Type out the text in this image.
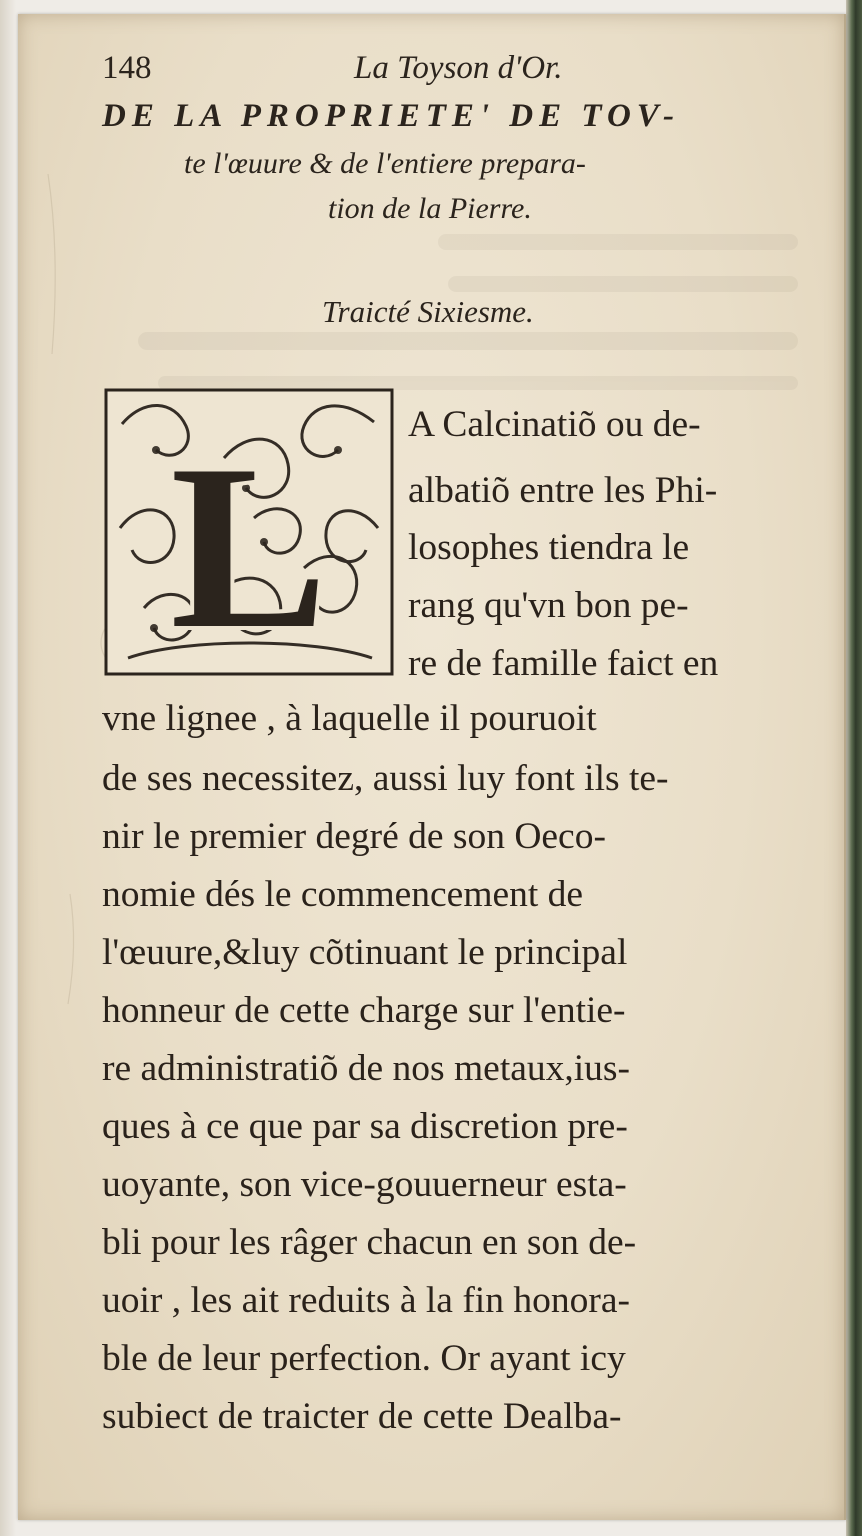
148	La Toyson d'Or.
DE LA PROPRIETE' DE TOV-
te l'œuure & de l'entiere prepara-
tion de la Pierre.
Traicté Sixiesme.
L A Calcinatiõ ou de-
albatiõ entre les Phi-
losophes tiendra le
rang qu'vn bon pe-
re de famille faict en
vne lignee , à laquelle il pouruoit
de ses necessitez, aussi luy font ils te-
nir le premier degré de son Oeco-
nomie dés le commencement de
l'œuure,&luy cõtinuant le principal
honneur de cette charge sur l'entie-
re administratiõ de nos metaux,ius-
ques à ce que par sa discretion pre-
uoyante, son vice-gouuerneur esta-
bli pour les râger chacun en son de-
uoir , les ait reduits à la fin honora-
ble de leur perfection. Or ayant icy
subiect de traicter de cette Dealba-
